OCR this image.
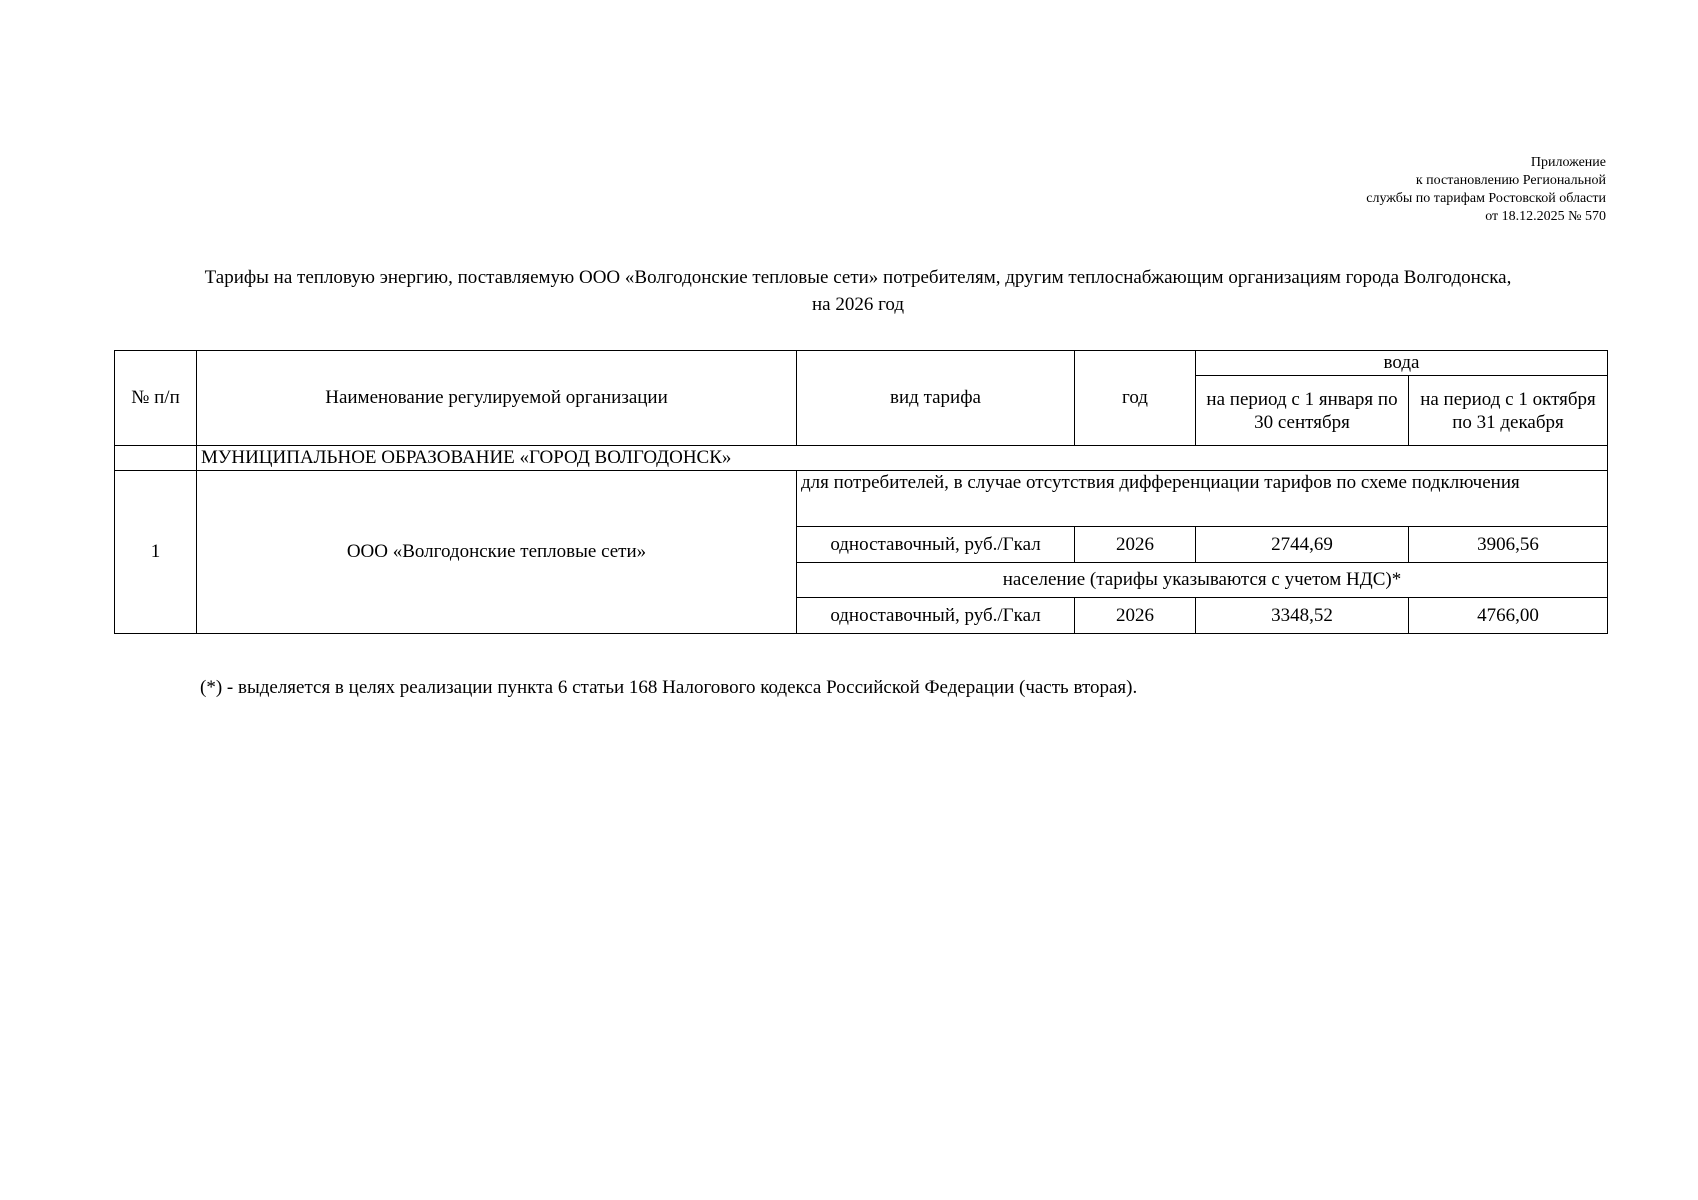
Приложение
к постановлению Региональной
службы по тарифам Ростовской области
от 18.12.2025 № 570
Тарифы на тепловую энергию, поставляемую ООО «Волгодонские тепловые сети» потребителям, другим теплоснабжающим организациям города Волгодонска,
на 2026 год
№ п/п	Наименование регулируемой организации	вид тарифа	год	вода	

				на период с 1 января по 30 сентября	на период с 1 октября по 31 декабря

	МУНИЦИПАЛЬНОЕ ОБРАЗОВАНИЕ «ГОРОД ВОЛГОДОНСК»				
1	ООО «Волгодонские тепловые сети»	для потребителей, в случае отсутствия дифференциации тарифов по схеме подключения			
		одноставочный, руб./Гкал	2026	2744,69	3906,56
		население (тарифы указываются с учетом НДС)*			
		одноставочный, руб./Гкал	2026	3348,52	4766,00
(*) - выделяется в целях реализации пункта 6 статьи 168 Налогового кодекса Российской Федерации (часть вторая).
